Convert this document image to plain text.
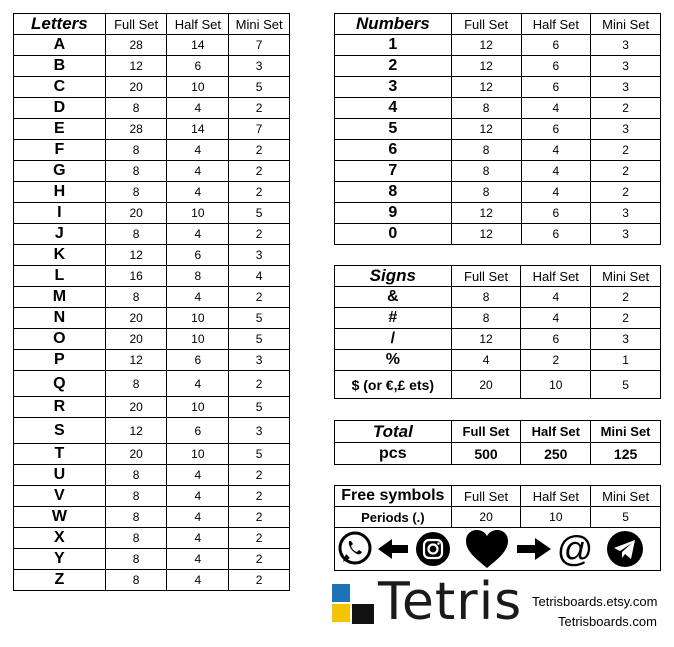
Letters	Full Set	Half Set	Mini Set
A	28	14	7
B	12	6	3
C	20	10	5
D	8	4	2
E	28	14	7
F	8	4	2
G	8	4	2
H	8	4	2
I	20	10	5
J	8	4	2
K	12	6	3
L	16	8	4
M	8	4	2
N	20	10	5
O	20	10	5
P	12	6	3
Q	8	4	2
R	20	10	5
S	12	6	3
T	20	10	5
U	8	4	2
V	8	4	2
W	8	4	2
X	8	4	2
Y	8	4	2
Z	8	4	2
Numbers	Full Set	Half Set	Mini Set
1	12	6	3
2	12	6	3
3	12	6	3
4	8	4	2
5	12	6	3
6	8	4	2
7	8	4	2
8	8	4	2
9	12	6	3
0	12	6	3
Signs	Full Set	Half Set	Mini Set
&	8	4	2
#	8	4	2
/	12	6	3
%	4	2	1
$ (or €,£ ets)	20	10	5
Total	Full Set	Half Set	Mini Set
pcs	500	250	125
Free symbols	Full Set	Half Set	Mini Set
Periods (.)	20	10	5
@
Tetris Tetrisboards.etsy.com
Tetrisboards.com
